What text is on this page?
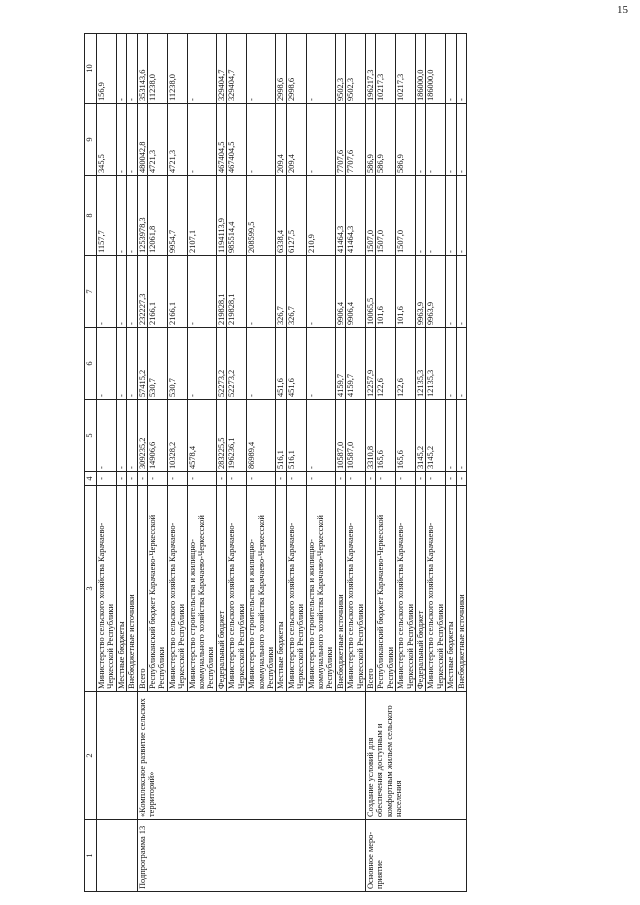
15
1	2	3	4	5	6	7	8	9	10
		Министерство сельского хозяйства Карачаево-Черкесской Республики	-	-	-	-	1157,7	345,5	156,9
		Местные бюджеты	-	-	-	-	-	-	-
		Внебюджетные источники	-	-	-	-	-	-	-
Подпрограмма 13	«Комплексное развитие сельских территорий»	Всего	-	309235,2	57415,2	232227,3	1253978,3	480042,8	353143,6
		Республиканский бюджет Карачаево-Черкесской Республики	-	14906,6	530,7	2166,1	12061,8	4721,3	11238,0
		Министерство сельского хозяйства Карачаево-Черкесской Республики	-	10328,2	530,7	2166,1	9954,7	4721,3	11238,0
		Министерство строительства и жилищно-коммунального хозяйства Карачаево-Черкесской Республики	-	4578,4	-	-	2107,1	-	-
		Федеральный бюджет	-	283225,5	52273,2	219828,1	1194113,9	467404,5	329404,7
		Министерство сельского хозяйства Карачаево-Черкесской Республики	-	196236,1	52273,2	219828,1	985514,4	467404,5	329404,7
		Министерство строительства и жилищно-коммунального хозяйства Карачаево-Черкесской Республики	-	86989,4	-	-	208599,5	-	-
		Местные бюджеты	-	516,1	451,6	326,7	6338,4	209,4	2998,6
		Министерство сельского хозяйства Карачаево-Черкесской Республики	-	516,1	451,6	326,7	6127,5	209,4	2998,6
		Министерство строительства и жилищно-коммунального хозяйства Карачаево-Черкесской Республики	-	-	-	-	210,9	-	-
		Внебюджетные источники	-	10587,0	4159,7	9906,4	41464,3	7707,6	9502,3
		Министерство сельского хозяйства Карачаево-Черкесской Республики	-	10587,0	4159,7	9906,4	41464,3	7707,6	9502,3
Основное мероприятие	Создание условий для обеспечения доступным и комфортным жильем сельского населения	Всего	-	3310,8	12257,9	10065,5	1507,0	586,9	196217,3
		Республиканский бюджет Карачаево-Черкесской Республики	-	165,6	122,6	101,6	1507,0	586,9	10217,3
		Министерство сельского хозяйства Карачаево-Черкесской Республики	-	165,6	122,6	101,6	1507,0	586,9	10217,3
		Федеральный бюджет	-	3145,2	12135,3	9963,9	-	-	186000,0
		Министерство сельского хозяйства Карачаево-Черкесской Республики	-	3145,2	12135,3	9963,9	-	-	186000,0
		Местные бюджеты	-	-	-	-	-	-	-
		Внебюджетные источники	-	-	-	-	-	-	-
